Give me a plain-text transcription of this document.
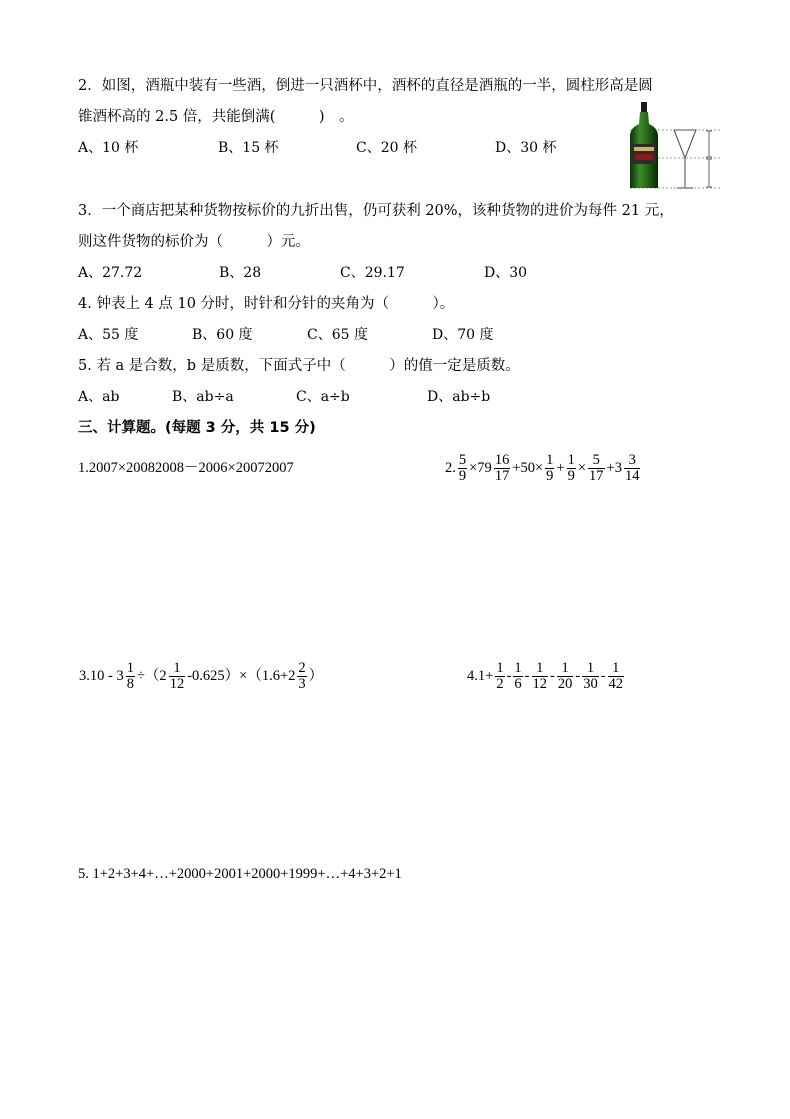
2．如图，酒瓶中装有一些酒，倒进一只酒杯中，酒杯的直径是酒瓶的一半，圆柱形高是圆
锥酒杯高的 2.5 倍，共能倒满(　　　)　。
A、10 杯	B、15 杯	C、20 杯	D、30 杯
3．一个商店把某种货物按标价的九折出售，仍可获利 20%，该种货物的进价为每件 21 元，
则这件货物的标价为（　　　）元。
A、27.72	B、28	C、29.17	D、30
4. 钟表上 4 点 10 分时，时针和分针的夹角为（　　　）。
A、55 度	B、60 度	C、65 度	D、70 度
5. 若 a 是合数，b 是质数，下面式子中（　　　）的值一定是质数。
A、ab	B、ab÷a	C、a÷b	D、ab÷b
三、计算题。(每题 3 分，共 15 分)
1.2007×20082008－2006×20072007	2. $\frac{5}{9} \times 79 \frac{16}{17} +50\times \frac{1}{9} + \frac{1}{9} \times \frac{5}{17} +3 \frac{3}{14}$
$3.10 - 3 \frac{1}{8} \div(2 \frac{1}{12} -0.625)\times(1.6+2 \frac{2}{3}$ ）	$4.1+ \frac{1}{2} - \frac{1}{6} - \frac{1}{12} - \frac{1}{20} - \frac{1}{30} - \frac{1}{42}$
5. 1+2+3+4+…+2000+2001+2000+1999+…+4+3+2+1
